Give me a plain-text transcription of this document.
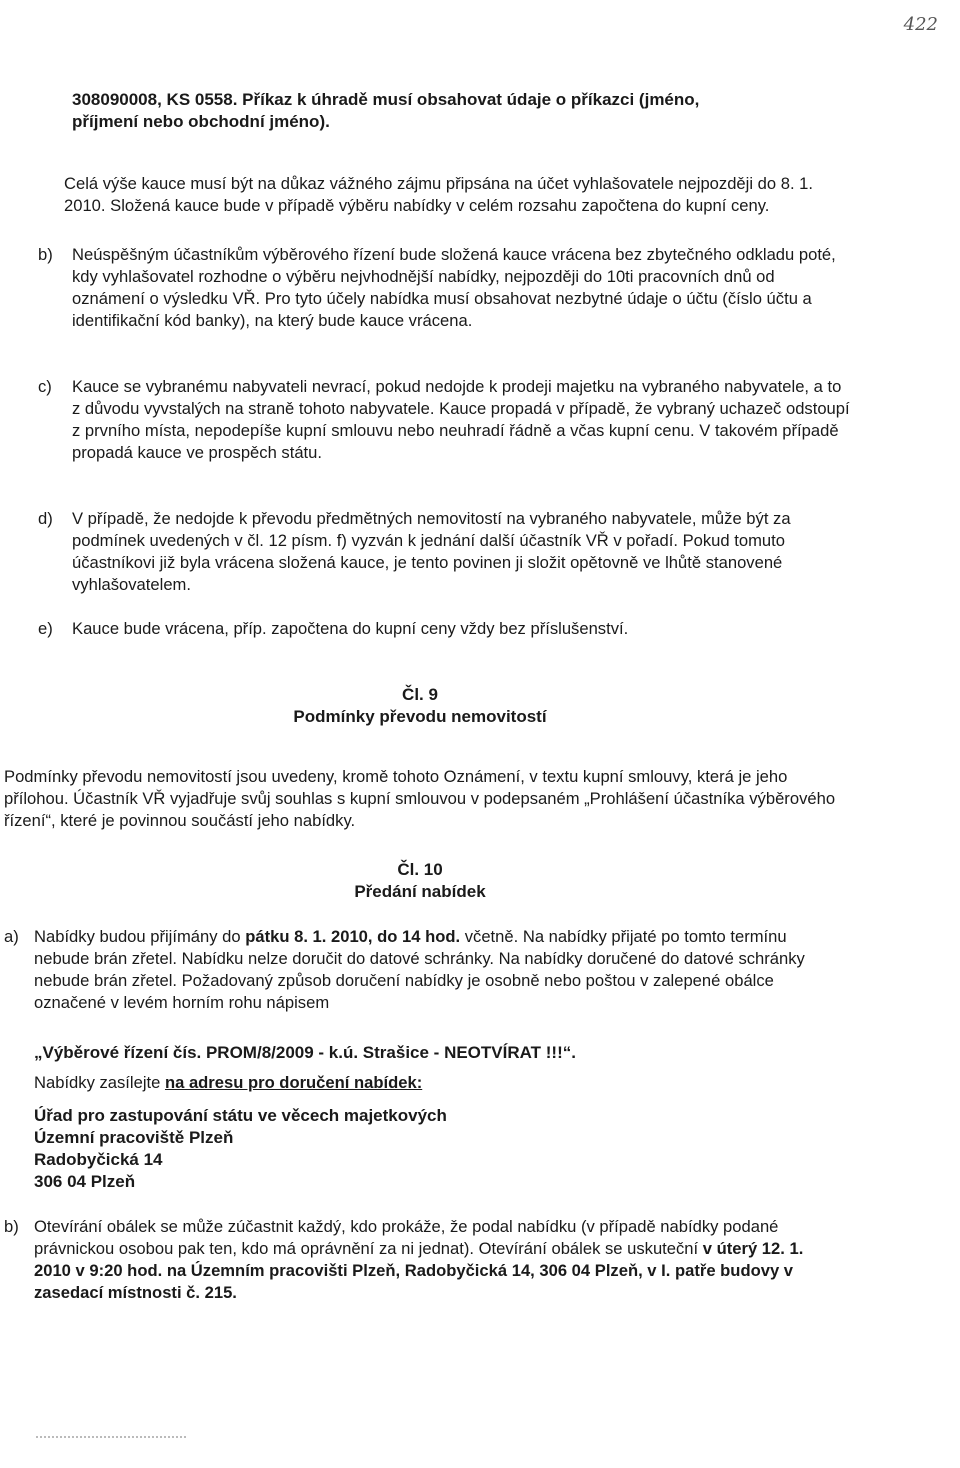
422

308090008, KS 0558. Příkaz k úhradě musí obsahovat údaje o příkazci (jméno,

příjmení nebo obchodní jméno).

Celá výše kauce musí být na důkaz vážného zájmu připsána na účet vyhlašovatele nejpozději do 8. 1. 2010. Složená kauce bude v případě výběru nabídky v celém rozsahu započtena do kupní ceny.

b)	Neúspěšným účastníkům výběrového řízení bude složená kauce vrácena bez zbytečného odkladu poté, kdy vyhlašovatel rozhodne o výběru nejvhodnější nabídky, nejpozději do 10ti pracovních dnů od oznámení o výsledku VŘ. Pro tyto účely nabídka musí obsahovat nezbytné údaje o účtu (číslo účtu a identifikační kód banky), na který bude kauce vrácena.
c)	Kauce se vybranému nabyvateli nevrací, pokud nedojde k prodeji majetku na vybraného nabyvatele, a to z důvodu vyvstalých na straně tohoto nabyvatele. Kauce propadá v případě, že vybraný uchazeč odstoupí z prvního místa, nepodepíše kupní smlouvu nebo neuhradí řádně a včas kupní cenu. V takovém případě propadá kauce ve prospěch státu.
d)	V případě, že nedojde k převodu předmětných nemovitostí na vybraného nabyvatele, může být za podmínek uvedených v čl. 12 písm. f) vyzván k jednání další účastník VŘ v pořadí. Pokud tomuto účastníkovi již byla vrácena složená kauce, je tento povinen ji složit opětovně ve lhůtě stanovené vyhlašovatelem.
e)	Kauce bude vrácena, příp. započtena do kupní ceny vždy bez příslušenství.
Čl. 9
Podmínky převodu nemovitostí

Podmínky převodu nemovitostí jsou uvedeny, kromě tohoto Oznámení, v textu kupní smlouvy, která je jeho přílohou. Účastník VŘ vyjadřuje svůj souhlas s kupní smlouvou v podepsaném „Prohlášení účastníka výběrového řízení“, které je povinnou součástí jeho nabídky.

Čl. 10
Předání nabídek
a) Nabídky budou přijímány do pátku 8. 1. 2010, do 14 hod. včetně. Na nabídky přijaté po tomto termínu nebude brán zřetel. Nabídku nelze doručit do datové schránky. Na nabídky doručené do datové schránky nebude brán zřetel. Požadovaný způsob doručení nabídky je osobně nebo poštou v zalepené obálce označené v levém horním rohu nápisem
„Výběrové řízení čís. PROM/8/2009 - k.ú. Strašice - NEOTVÍRAT !!!“.
Nabídky zasílejte na adresu pro doručení nabídek:
Úřad pro zastupování státu ve věcech majetkových
Územní pracoviště Plzeň
Radobyčická 14
306 04 Plzeň
b) Otevírání obálek se může zúčastnit každý, kdo prokáže, že podal nabídku (v případě nabídky podané právnickou osobou pak ten, kdo má oprávnění za ni jednat). Otevírání obálek se uskuteční v úterý 12. 1. 2010 v 9:20 hod. na Územním pracovišti Plzeň, Radobyčická 14, 306 04 Plzeň, v I. patře budovy v zasedací místnosti č. 215.
